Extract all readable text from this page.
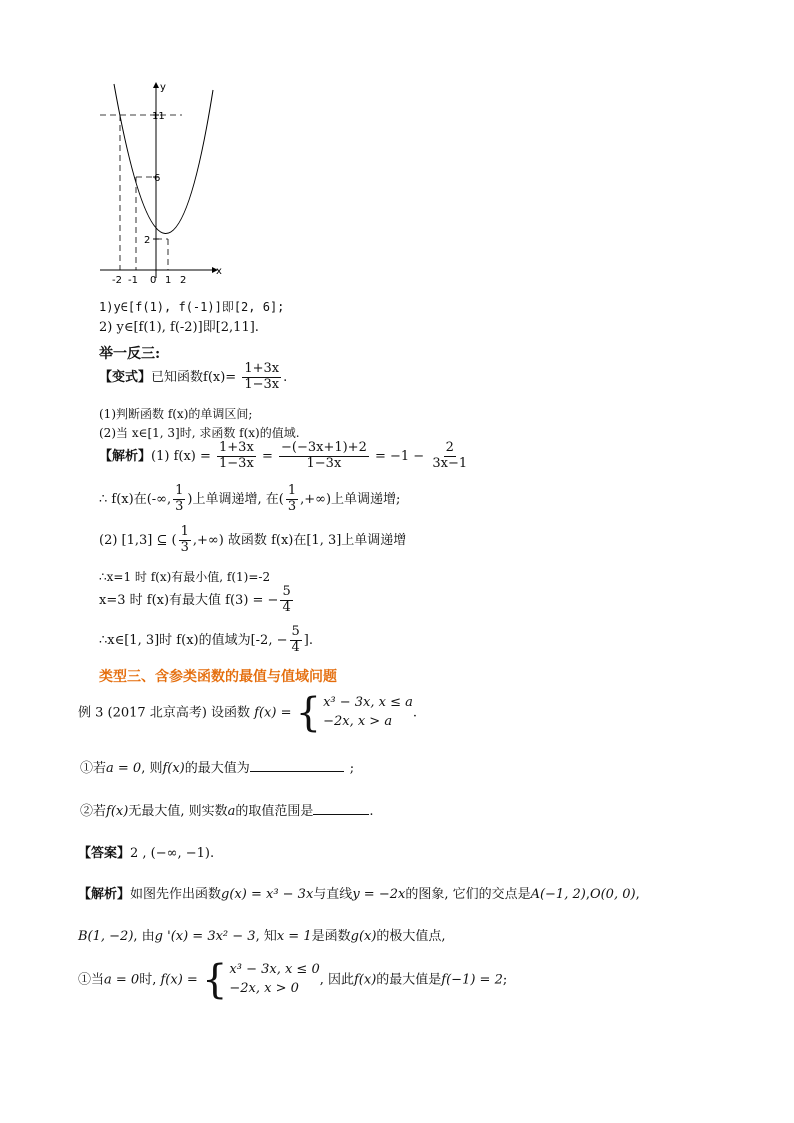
y
x
11
6
2
-2 -1 0 1 2
1)y∈[f(1), f(-1)]即[2, 6];
2) y∈[f(1), f(-2)]即[2,11].
举一反三:
【变式】已知函数$f(x)= \frac{1+3x}{1-3x}$ .
(1)判断函数 f(x)的单调区间;
(2)当 x∈[1, 3]时, 求函数 f(x)的值域.
【解析】(1) $f(x) = \frac{1+3x}{1-3x} = \frac{-(-3x+1)+2}{1-3x} = -1 - \frac{2}{3x-1}$
∴ f(x)在(-∞, $\frac{1}{3}$ )上单调递增, 在( $\frac{1}{3}$ ,+∞)上单调递增;
(2) [1,3] ⊆ ( $\frac{1}{3}$ ,+∞) 故函数 f(x)在[1, 3]上单调递增
∴x=1 时 f(x)有最小值, f(1)=-2
x=3 时 f(x)有最大值 f(3) = − $\frac{5}{4}$
∴x∈[1, 3]时 f(x)的值域为[-2, − $\frac{5}{4}$ ].
类型三、含参类函数的最值与值域问题
例 3 (2017 北京高考) 设函数 f(x) = { x³ − 3x, x ≤ a
−2x, x > a
.
①若a = 0, 则f(x)的最大值为	;
②若f(x)无最大值, 则实数a的取值范围是	.
【答案】2 , (−∞, −1).
【解析】如图先作出函数g(x) = x³ − 3x与直线y = −2x的图象, 它们的交点是A(−1, 2),O(0, 0),
B(1, −2), 由g '(x) = 3x² − 3, 知x = 1是函数g(x)的极大值点,
①当a = 0时, f(x) = { x³ − 3x, x ≤ 0
−2x, x > 0
, 因此f(x)的最大值是f(−1) = 2;
